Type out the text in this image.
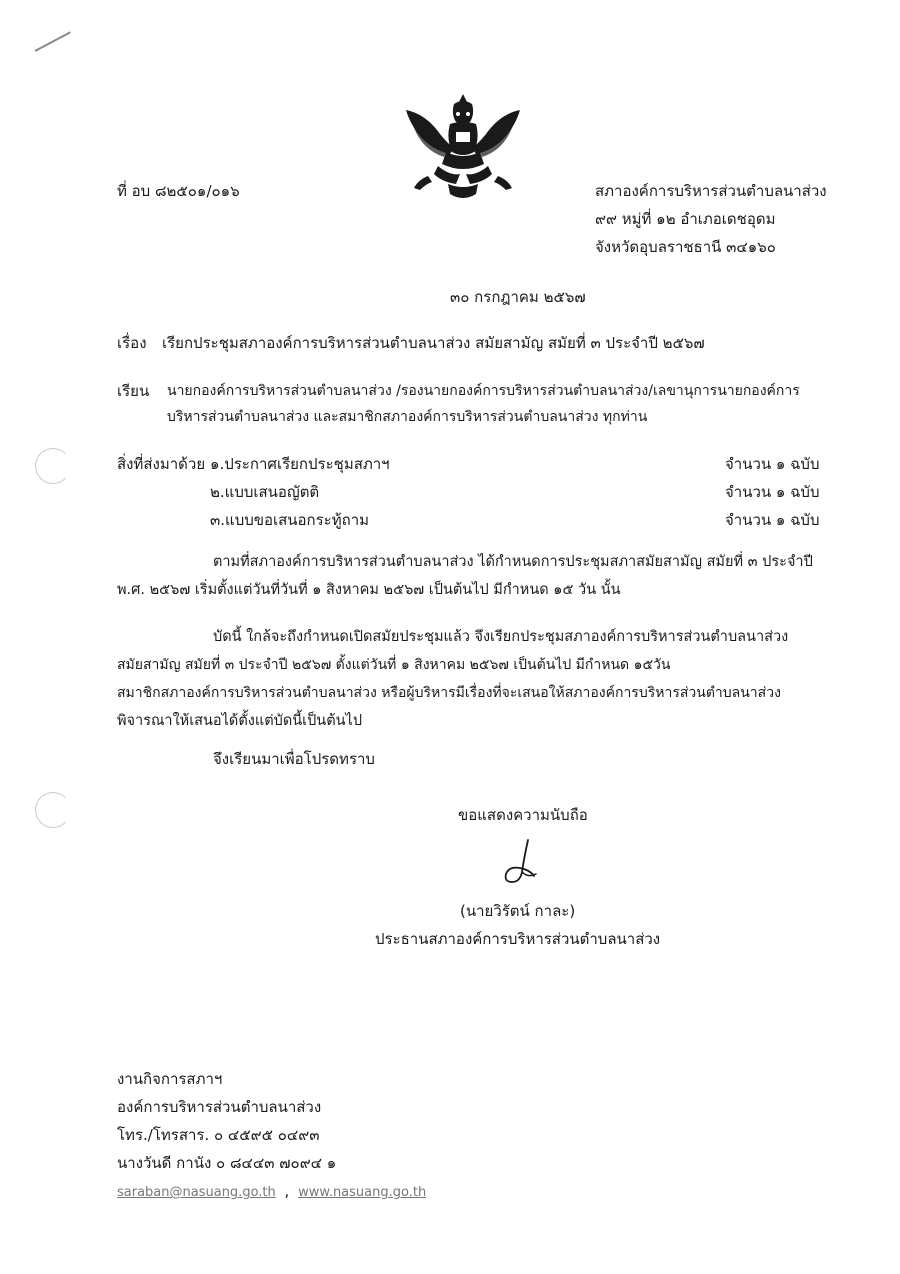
ที่ อบ ๘๒๕๐๑/๐๑๖	สภาองค์การบริหารส่วนตำบลนาส่วง
๙๙ หมู่ที่ ๑๒ อำเภอเดชอุดม
จังหวัดอุบลราชธานี ๓๔๑๖๐
๓๐ กรกฎาคม ๒๕๖๗
เรื่อง เรียกประชุมสภาองค์การบริหารส่วนตำบลนาส่วง สมัยสามัญ สมัยที่ ๓ ประจำปี ๒๕๖๗
เรียน นายกองค์การบริหารส่วนตำบลนาส่วง /รองนายกองค์การบริหารส่วนตำบลนาส่วง/เลขานุการนายกองค์การ
บริหารส่วนตำบลนาส่วง และสมาชิกสภาองค์การบริหารส่วนตำบลนาส่วง ทุกท่าน
สิ่งที่ส่งมาด้วย ๑.ประกาศเรียกประชุมสภาฯ	จำนวน ๑ ฉบับ
๒.แบบเสนอญัตติ	จำนวน ๑ ฉบับ
๓.แบบขอเสนอกระทู้ถาม	จำนวน ๑ ฉบับ
ตามที่สภาองค์การบริหารส่วนตำบลนาส่วง ได้กำหนดการประชุมสภาสมัยสามัญ สมัยที่ ๓ ประจำปี
พ.ศ. ๒๕๖๗ เริ่มตั้งแต่วันที่วันที่ ๑ สิงหาคม ๒๕๖๗ เป็นต้นไป มีกำหนด ๑๕ วัน นั้น
บัดนี้ ใกล้จะถึงกำหนดเปิดสมัยประชุมแล้ว จึงเรียกประชุมสภาองค์การบริหารส่วนตำบลนาส่วง
สมัยสามัญ สมัยที่ ๓ ประจำปี ๒๕๖๗ ตั้งแต่วันที่ ๑ สิงหาคม ๒๕๖๗ เป็นต้นไป มีกำหนด ๑๕วัน
สมาชิกสภาองค์การบริหารส่วนตำบลนาส่วง หรือผู้บริหารมีเรื่องที่จะเสนอให้สภาองค์การบริหารส่วนตำบลนาส่วง
พิจารณาให้เสนอได้ตั้งแต่บัดนี้เป็นต้นไป
จึงเรียนมาเพื่อโปรดทราบ
ขอแสดงความนับถือ
(นายวิรัตน์ กาละ)
ประธานสภาองค์การบริหารส่วนตำบลนาส่วง
งานกิจการสภาฯ
องค์การบริหารส่วนตำบลนาส่วง
โทร./โทรสาร. ๐ ๔๕๙๕ ๐๔๙๓
นางวันดี กานัง ๐ ๘๔๔๓ ๗๐๙๔ ๑
saraban@nasuang.go.th , www.nasuang.go.th
